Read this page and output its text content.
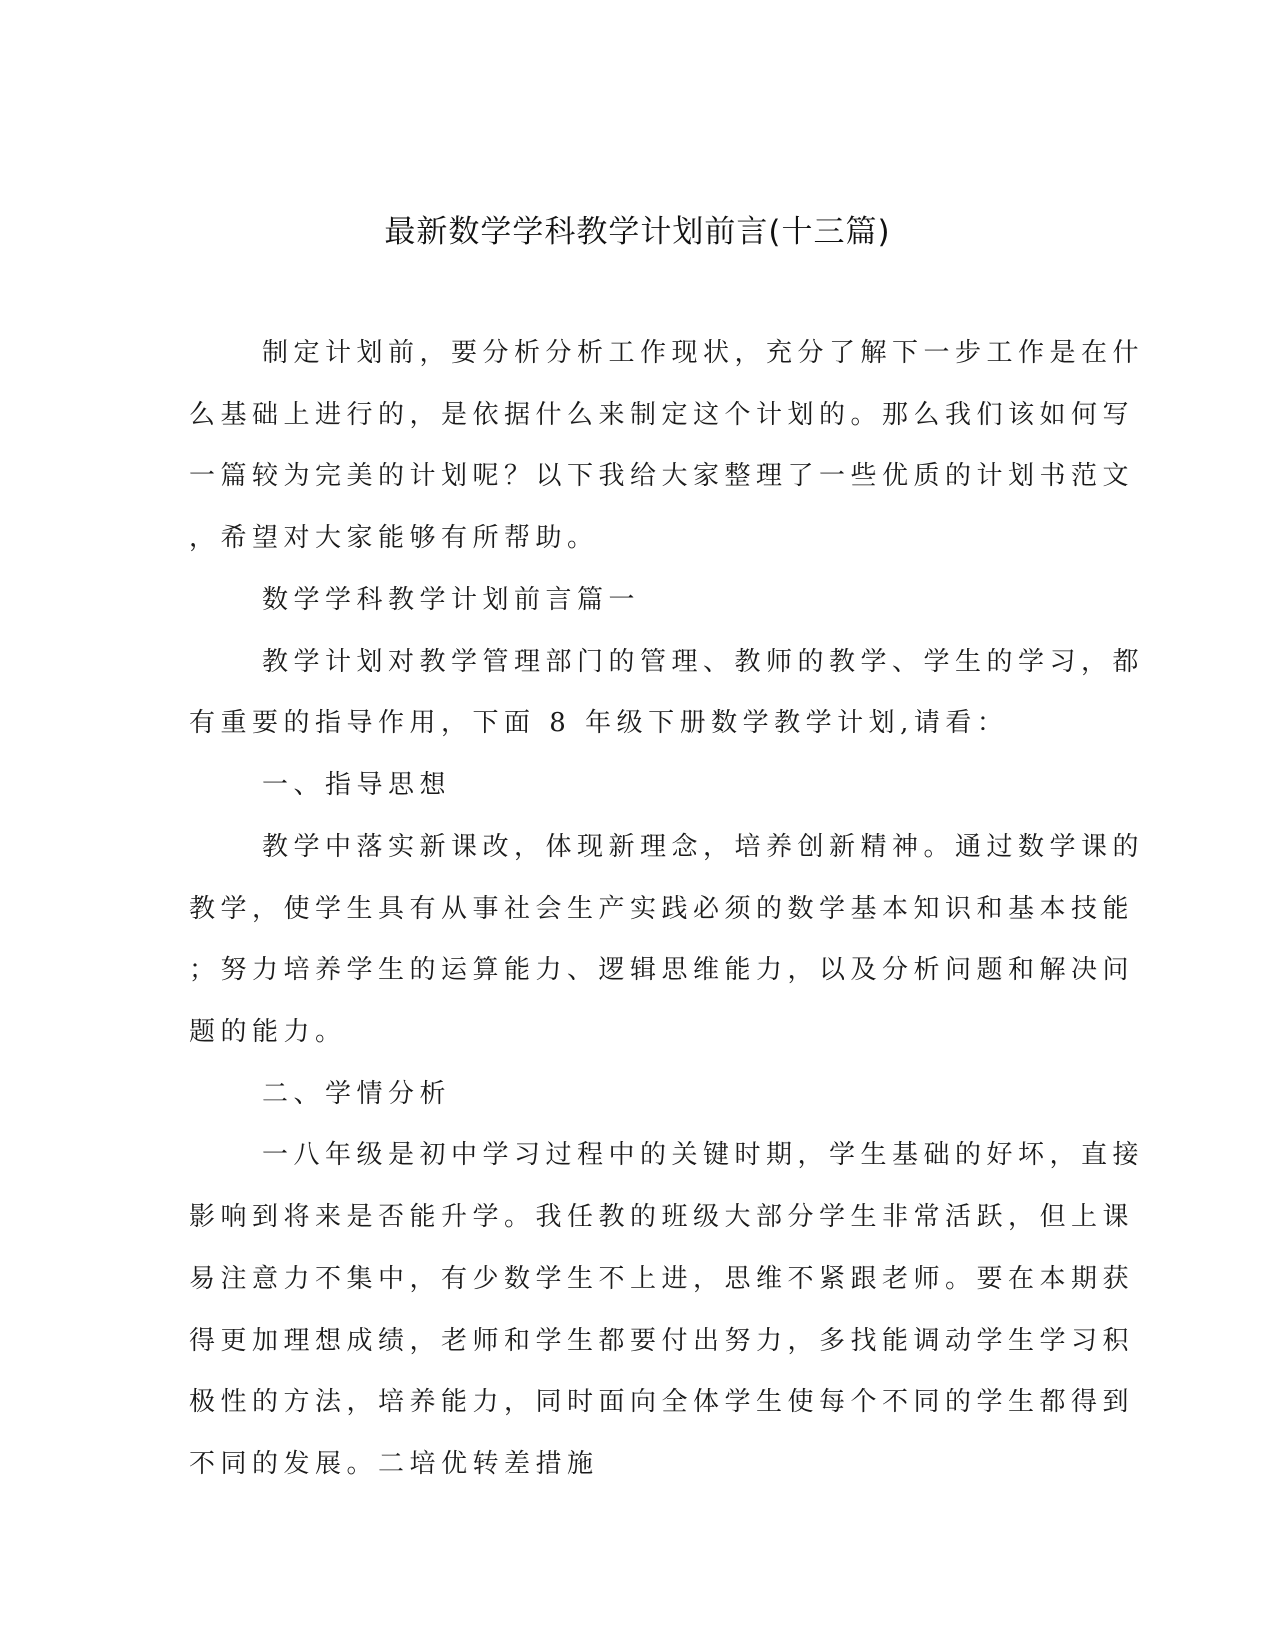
最新数学学科教学计划前言(十三篇)
制定计划前，要分析分析工作现状，充分了解下一步工作是在什
么基础上进行的，是依据什么来制定这个计划的。那么我们该如何写
一篇较为完美的计划呢？以下我给大家整理了一些优质的计划书范文
，希望对大家能够有所帮助。
数学学科教学计划前言篇一
教学计划对教学管理部门的管理、教师的教学、学生的学习，都
有重要的指导作用，下面 8 年级下册数学教学计划,请看：
一、指导思想
教学中落实新课改，体现新理念，培养创新精神。通过数学课的
教学，使学生具有从事社会生产实践必须的数学基本知识和基本技能
；努力培养学生的运算能力、逻辑思维能力，以及分析问题和解决问
题的能力。
二、学情分析
一八年级是初中学习过程中的关键时期，学生基础的好坏，直接
影响到将来是否能升学。我任教的班级大部分学生非常活跃，但上课
易注意力不集中，有少数学生不上进，思维不紧跟老师。要在本期获
得更加理想成绩，老师和学生都要付出努力，多找能调动学生学习积
极性的方法，培养能力，同时面向全体学生使每个不同的学生都得到
不同的发展。二培优转差措施
